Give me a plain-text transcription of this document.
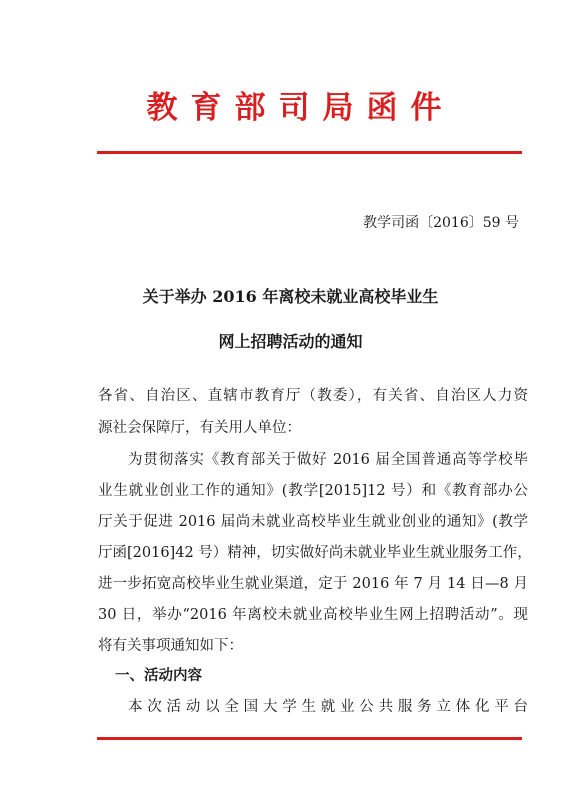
教育部司局函件
教学司函〔2016〕59 号
关于举办 2016 年离校未就业高校毕业生
网上招聘活动的通知
各省、自治区、直辖市教育厅（教委），有关省、自治区人力资
源社会保障厅，有关用人单位：
为贯彻落实《教育部关于做好 2016 届全国普通高等学校毕
业生就业创业工作的通知》(教学[2015]12 号）和《教育部办公
厅关于促进 2016 届尚未就业高校毕业生就业创业的通知》(教学
厅函[2016]42 号）精神，切实做好尚未就业毕业生就业服务工作，
进一步拓宽高校毕业生就业渠道，定于 2016 年 7 月 14 日—8 月
30 日，举办“2016 年离校未就业高校毕业生网上招聘活动”。现
将有关事项通知如下：
一、活动内容
本次活动以全国大学生就业公共服务立体化平台
